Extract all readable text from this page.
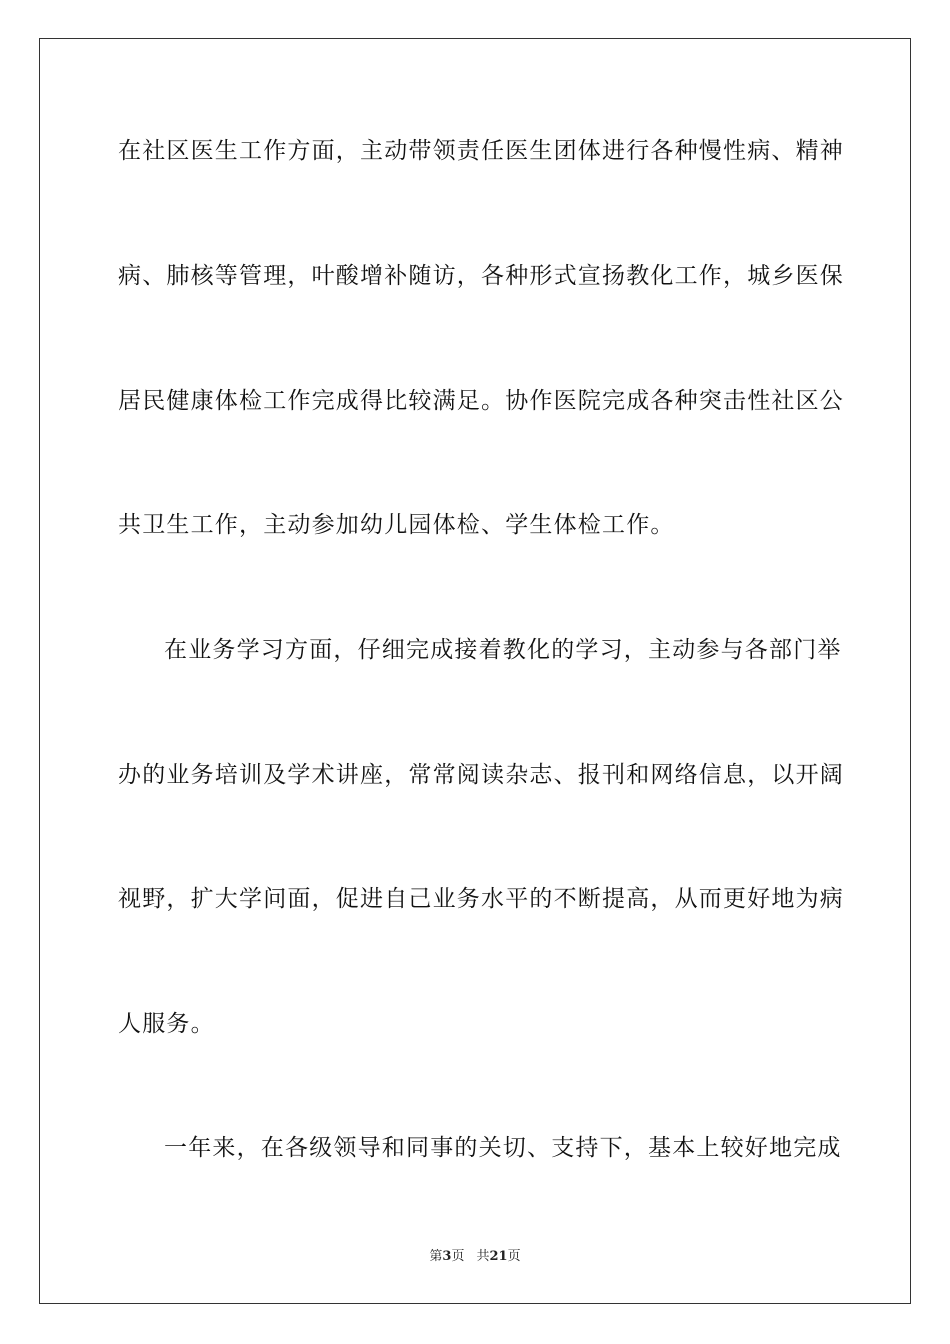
在社区医生工作方面，主动带领责任医生团体进行各种慢性病、精神
病、肺核等管理，叶酸增补随访，各种形式宣扬教化工作，城乡医保
居民健康体检工作完成得比较满足。协作医院完成各种突击性社区公
共卫生工作，主动参加幼儿园体检、学生体检工作。
在业务学习方面，仔细完成接着教化的学习，主动参与各部门举
办的业务培训及学术讲座，常常阅读杂志、报刊和网络信息，以开阔
视野，扩大学问面，促进自己业务水平的不断提高，从而更好地为病
人服务。
一年来，在各级领导和同事的关切、支持下，基本上较好地完成
第3页 共21页
